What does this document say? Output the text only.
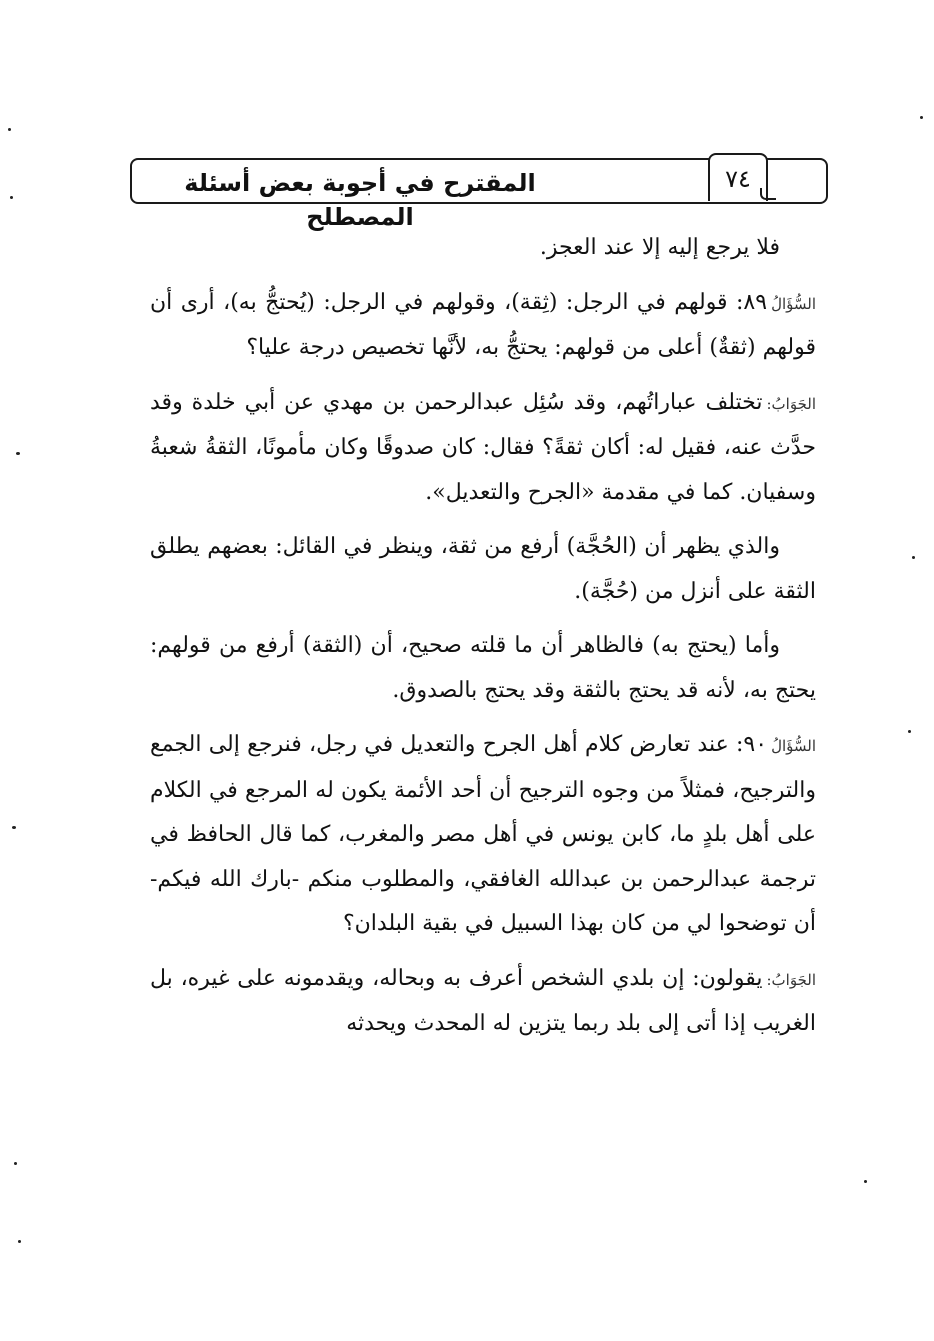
المقترح في أجوبة بعض أسئلة المصطلح
٧٤

فلا يرجع إليه إلا عند العجز.

السُّؤَالُ٨٩: قولهم في الرجل: (ثِقة)، وقولهم في الرجل: (يُحتجُّ به)، أرى أن قولهم (ثقةٌ) أعلى من قولهم: يحتجُّ به، لأنَّها تخصيص درجة عليا؟

الجَوَابُ:تختلف عباراتُهم، وقد سُئِل عبدالرحمن بن مهدي عن أبي خلدة وقد حدَّث عنه، فقيل له: أكان ثقةً؟ فقال: كان صدوقًا وكان مأمونًا، الثقةُ شعبةُ وسفيان. كما في مقدمة «الجرح والتعديل».

والذي يظهر أن (الحُجَّة) أرفع من ثقة، وينظر في القائل: بعضهم يطلق الثقة على أنزل من (حُجَّة).

وأما (يحتج به) فالظاهر أن ما قلته صحيح، أن (الثقة) أرفع من قولهم: يحتج به، لأنه قد يحتج بالثقة وقد يحتج بالصدوق.

السُّؤَالُ٩٠: عند تعارض كلام أهل الجرح والتعديل في رجل، فنرجع إلى الجمع والترجيح، فمثلاً من وجوه الترجيح أن أحد الأئمة يكون له المرجع في الكلام على أهل بلدٍ ما، كابن يونس في أهل مصر والمغرب، كما قال الحافظ في ترجمة عبدالرحمن بن عبدالله الغافقي، والمطلوب منكم -بارك الله فيكم- أن توضحوا لي من كان بهذا السبيل في بقية البلدان؟

الجَوَابُ:يقولون: إن بلدي الشخص أعرف به وبحاله، ويقدمونه على غيره، بل الغريب إذا أتى إلى بلد ربما يتزين له المحدث ويحدثه
